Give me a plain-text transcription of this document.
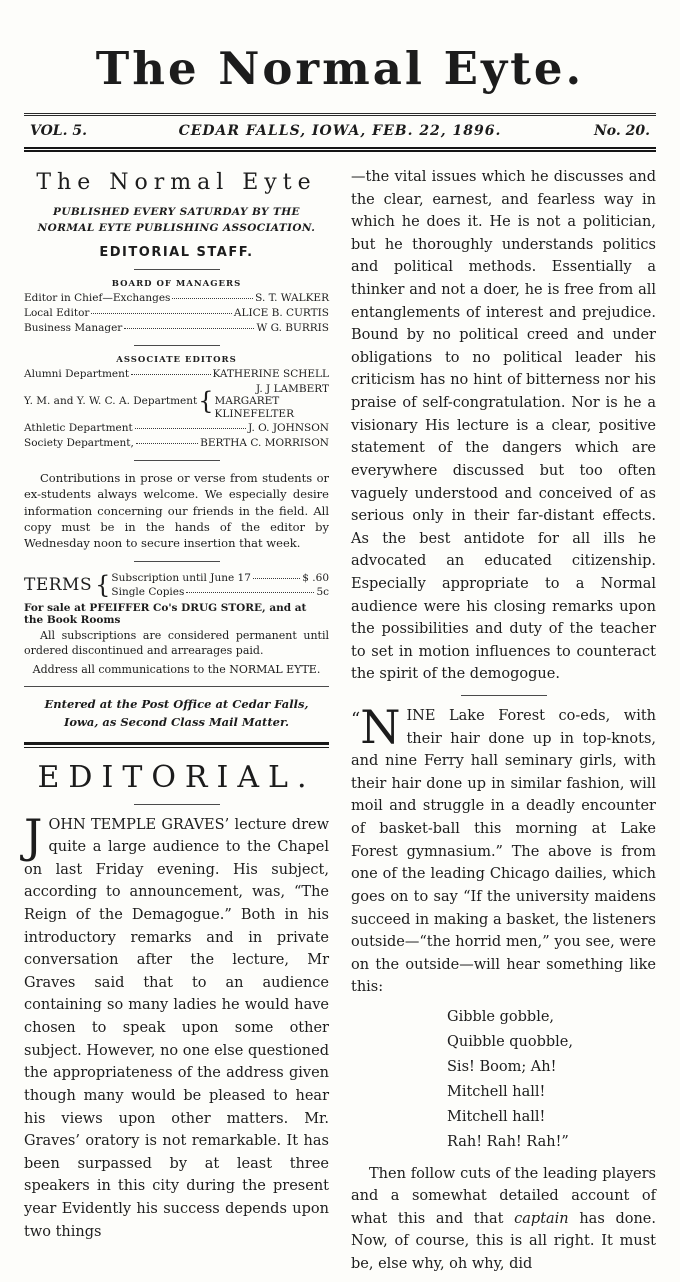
The Normal Eyte.
VOL. 5.	CEDAR FALLS, IOWA, FEB. 22, 1896.	No. 20.
The Normal Eyte
PUBLISHED EVERY SATURDAY BY THE NORMAL EYTE PUBLISHING ASSOCIATION.
EDITORIAL STAFF.
BOARD OF MANAGERS
Editor in Chief—Exchanges	S. T. WALKER
Local Editor	ALICE B. CURTIS
Business Manager	W G. BURRIS
ASSOCIATE EDITORS
Alumni Department	KATHERINE SCHELL
Y. M. and Y. W. C. A. Department {	J. J LAMBERT
MARGARET KLINEFELTER
Athletic Department	J. O. JOHNSON
Society Department,	BERTHA C. MORRISON
Contributions in prose or verse from students or ex-students always welcome. We especially desire information concerning our friends in the field. All copy must be in the hands of the editor by Wednesday noon to secure insertion that week.
TERMS { Subscription until June 17	$ .60
Single Copies	5c
For sale at PFEIFFER Co's DRUG STORE, and at the Book Rooms
All subscriptions are considered permanent until ordered discontinued and arrearages paid.
Address all communications to the NORMAL EYTE.
Entered at the Post Office at Cedar Falls, Iowa, as Second Class Mail Matter.
EDITORIAL.
JOHN TEMPLE GRAVES’ lecture drew quite a large audience to the Chapel on last Friday evening. His subject, according to announcement, was, “The Reign of the Demagogue.” Both in his introductory remarks and in private conversation after the lecture, Mr Graves said that to an audience containing so many ladies he would have chosen to speak upon some other subject. However, no one else questioned the appropriateness of the address given though many would be pleased to hear his views upon other matters. Mr. Graves’ oratory is not remarkable. It has been surpassed by at least three speakers in this city during the present year Evidently his success depends upon two things
—the vital issues which he discusses and the clear, earnest, and fearless way in which he does it. He is not a politician, but he thoroughly understands politics and political methods. Essentially a thinker and not a doer, he is free from all entanglements of interest and prejudice. Bound by no political creed and under obligations to no political leader his criticism has no hint of bitterness nor his praise of self-congratulation. Nor is he a visionary His lecture is a clear, positive statement of the dangers which are everywhere discussed but too often vaguely understood and conceived of as serious only in their far-distant effects. As the best antidote for all ills he advocated an educated citizenship. Especially appropriate to a Normal audience were his closing remarks upon the possibilities and duty of the teacher to set in motion influences to counteract the spirit of the demogogue.
“ N INE Lake Forest co-eds, with their hair done up in top-knots, and nine Ferry hall seminary girls, with their hair done up in similar fashion, will moil and struggle in a deadly encounter of basket-ball this morning at Lake Forest gymnasium.” The above is from one of the leading Chicago dailies, which goes on to say “If the university maidens succeed in making a basket, the listeners outside—“the horrid men,” you see, were on the outside—will hear something like this:
Gibble gobble,
Quibble quobble,
Sis! Boom; Ah!
Mitchell hall!
Mitchell hall!
Rah! Rah! Rah!”
Then follow cuts of the leading players and a somewhat detailed account of what this and that captain has done. Now, of course, this is all right. It must be, else why, oh why, did
